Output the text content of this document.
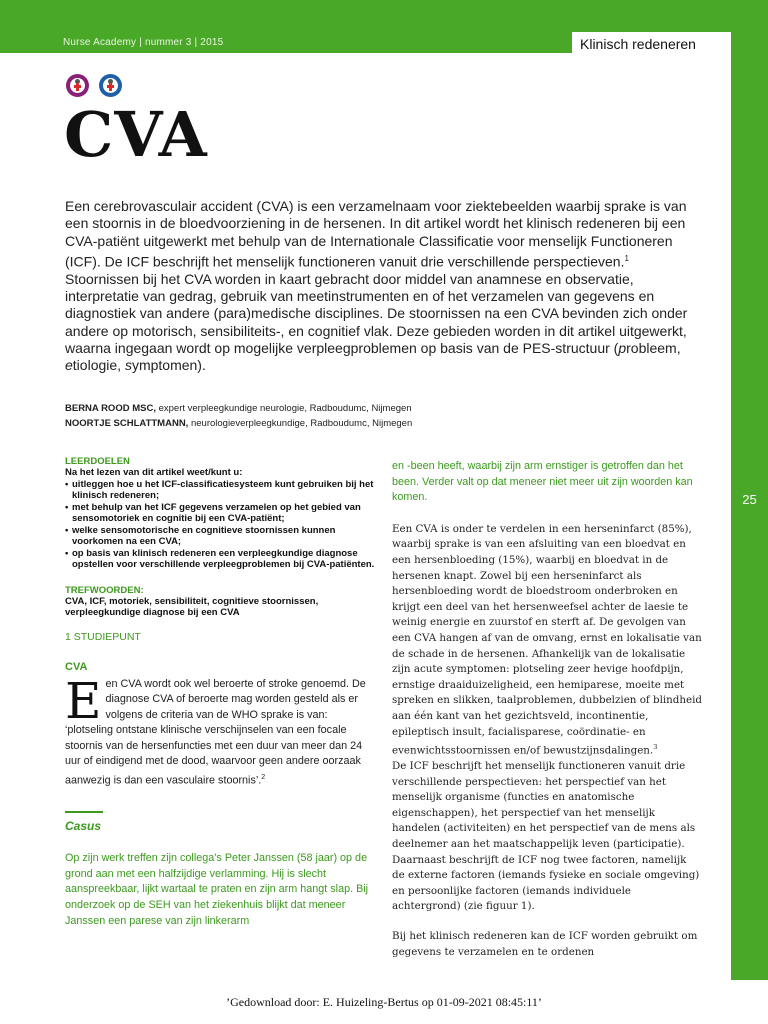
Nurse Academy | nummer 3 | 2015	Klinisch redeneren
25
CVA

Een cerebrovasculair accident (CVA) is een verzamelnaam voor ziektebeelden waarbij sprake is van een stoornis in de bloedvoorziening in de hersenen. In dit artikel wordt het klinisch redeneren bij een CVA-patiënt uitgewerkt met behulp van de Internationale Classificatie voor menselijk Functioneren (ICF). De ICF beschrijft het menselijk functioneren vanuit drie verschillende perspectieven.$^1$ Stoornissen bij het CVA worden in kaart gebracht door middel van anamnese en observatie, interpretatie van gedrag, gebruik van meetinstrumenten en of het verzamelen van gegevens en diagnostiek van andere (para)medische disciplines. De stoornissen na een CVA bevinden zich onder andere op motorisch, sensibiliteits-, en cognitief vlak. Deze gebieden worden in dit artikel uitgewerkt, waarna ingegaan wordt op mogelijke verpleegproblemen op basis van de PES-structuur (probleem, etiologie, symptomen).

BERNA ROOD MSC, expert verpleegkundige neurologie, Radboudumc, Nijmegen
NOORTJE SCHLATTMANN, neurologieverpleegkundige, Radboudumc, Nijmegen
LEERDOELEN
Na het lezen van dit artikel weet/kunt u:
• uitleggen hoe u het ICF-classificatiesysteem kunt gebruiken bij het klinisch redeneren;
• met behulp van het ICF gegevens verzamelen op het gebied van sensomotoriek en cognitie bij een CVA-patiënt;
• welke sensomotorische en cognitieve stoornissen kunnen voorkomen na een CVA;
• op basis van klinisch redeneren een verpleegkundige diagnose opstellen voor verschillende verpleegproblemen bij CVA-patiënten.
TREFWOORDEN:
CVA, ICF, motoriek, sensibiliteit, cognitieve stoornissen, verpleegkundige diagnose bij een CVA
1 STUDIEPUNT
CVA

Een CVA wordt ook wel beroerte of stroke genoemd. De diagnose CVA of beroerte mag worden gesteld als er volgens de criteria van de WHO sprake is van: ‘plotseling ontstane klinische verschijnselen van een focale stoornis van de hersenfuncties met een duur van meer dan 24 uur of eindigend met de dood, waarvoor geen andere oorzaak aanwezig is dan een vasculaire stoornis’.$^2$

Casus

Op zijn werk treffen zijn collega’s Peter Janssen (58 jaar) op de grond aan met een halfzijdige verlamming. Hij is slecht aanspreekbaar, lijkt wartaal te praten en zijn arm hangt slap. Bij onderzoek op de SEH van het ziekenhuis blijkt dat meneer Janssen een parese van zijn linkerarm

en -been heeft, waarbij zijn arm ernstiger is getroffen dan het been. Verder valt op dat meneer niet meer uit zijn woorden kan komen.

Een CVA is onder te verdelen in een herseninfarct (85%), waarbij sprake is van een afsluiting van een bloedvat en een hersenbloeding (15%), waarbij en bloedvat in de hersenen knapt. Zowel bij een herseninfarct als hersenbloeding wordt de bloedstroom onderbroken en krijgt een deel van het hersenweefsel achter de laesie te weinig energie en zuurstof en sterft af. De gevolgen van een CVA hangen af van de omvang, ernst en lokalisatie van de schade in de hersenen. Afhankelijk van de lokalisatie zijn acute symptomen: plotseling zeer hevige hoofdpijn, ernstige draaiduizeligheid, een hemiparese, moeite met spreken en slikken, taalproblemen, dubbelzien of blindheid aan één kant van het gezichtsveld, incontinentie, epileptisch insult, facialisparese, coördinatie- en evenwichtsstoornissen en/of bewustzijnsdalingen.$^3$

De ICF beschrijft het menselijk functioneren vanuit drie verschillende perspectieven: het perspectief van het menselijk organisme (functies en anatomische eigenschappen), het perspectief van het menselijk handelen (activiteiten) en het perspectief van de mens als deelnemer aan het maatschappelijk leven (participatie). Daarnaast beschrijft de ICF nog twee factoren, namelijk de externe factoren (iemands fysieke en sociale omgeving) en persoonlijke factoren (iemands individuele achtergrond) (zie figuur 1).

Bij het klinisch redeneren kan de ICF worden gebruikt om gegevens te verzamelen en te ordenen

’Gedownload door: E. Huizeling-Bertus op 01-09-2021 08:45:11’
